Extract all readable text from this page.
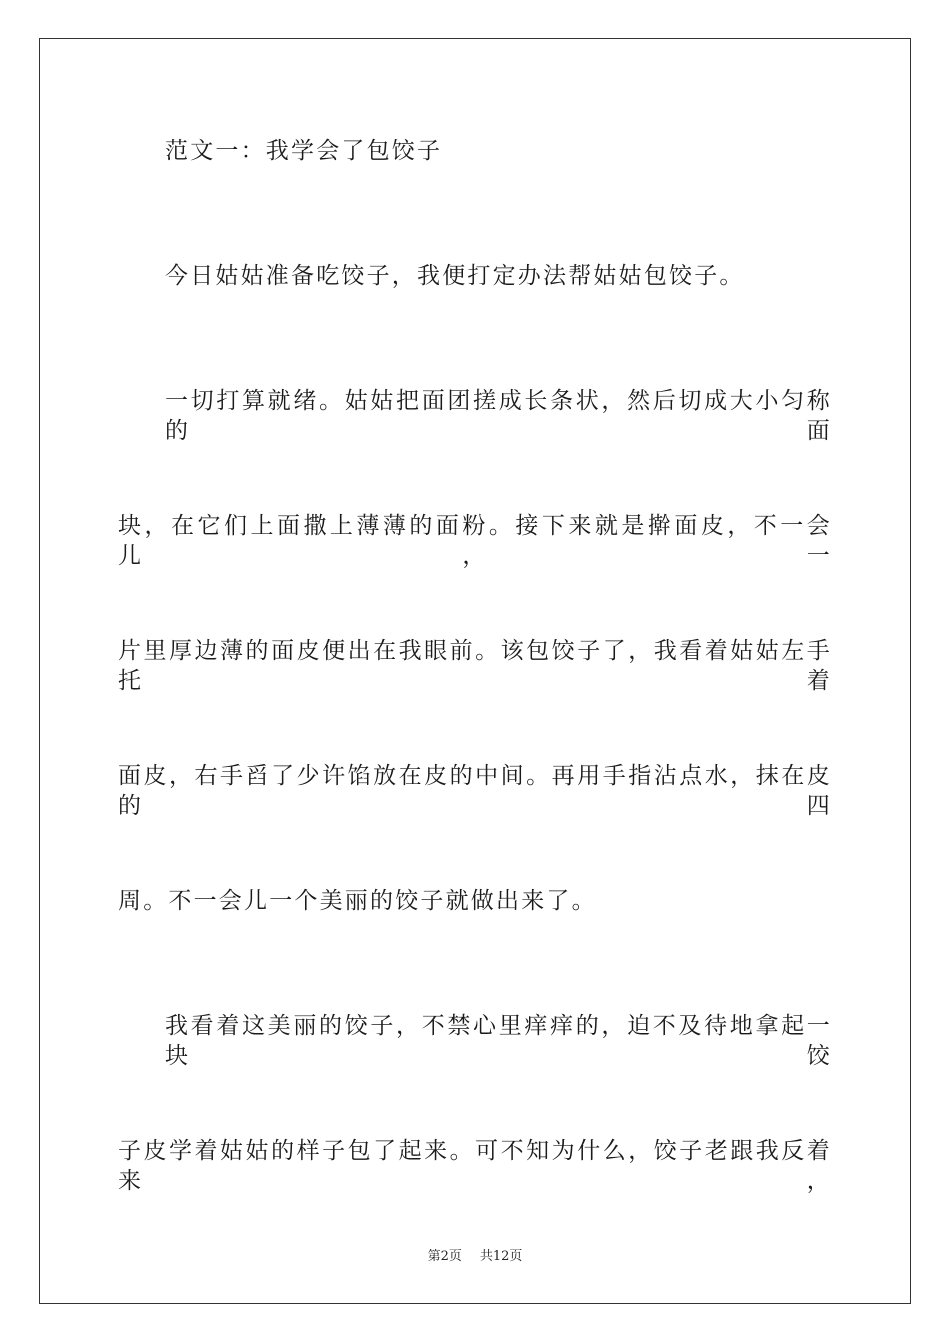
范文一：我学会了包饺子
今日姑姑准备吃饺子，我便打定办法帮姑姑包饺子。
一切打算就绪。姑姑把面团搓成长条状，然后切成大小匀称的面
块，在它们上面撒上薄薄的面粉。接下来就是擀面皮，不一会儿，一
片里厚边薄的面皮便出在我眼前。该包饺子了，我看着姑姑左手托着
面皮，右手舀了少许馅放在皮的中间。再用手指沾点水，抹在皮的四
周。不一会儿一个美丽的饺子就做出来了。
我看着这美丽的饺子，不禁心里痒痒的，迫不及待地拿起一块饺
子皮学着姑姑的样子包了起来。可不知为什么，饺子老跟我反着来，
第2页 共12页
